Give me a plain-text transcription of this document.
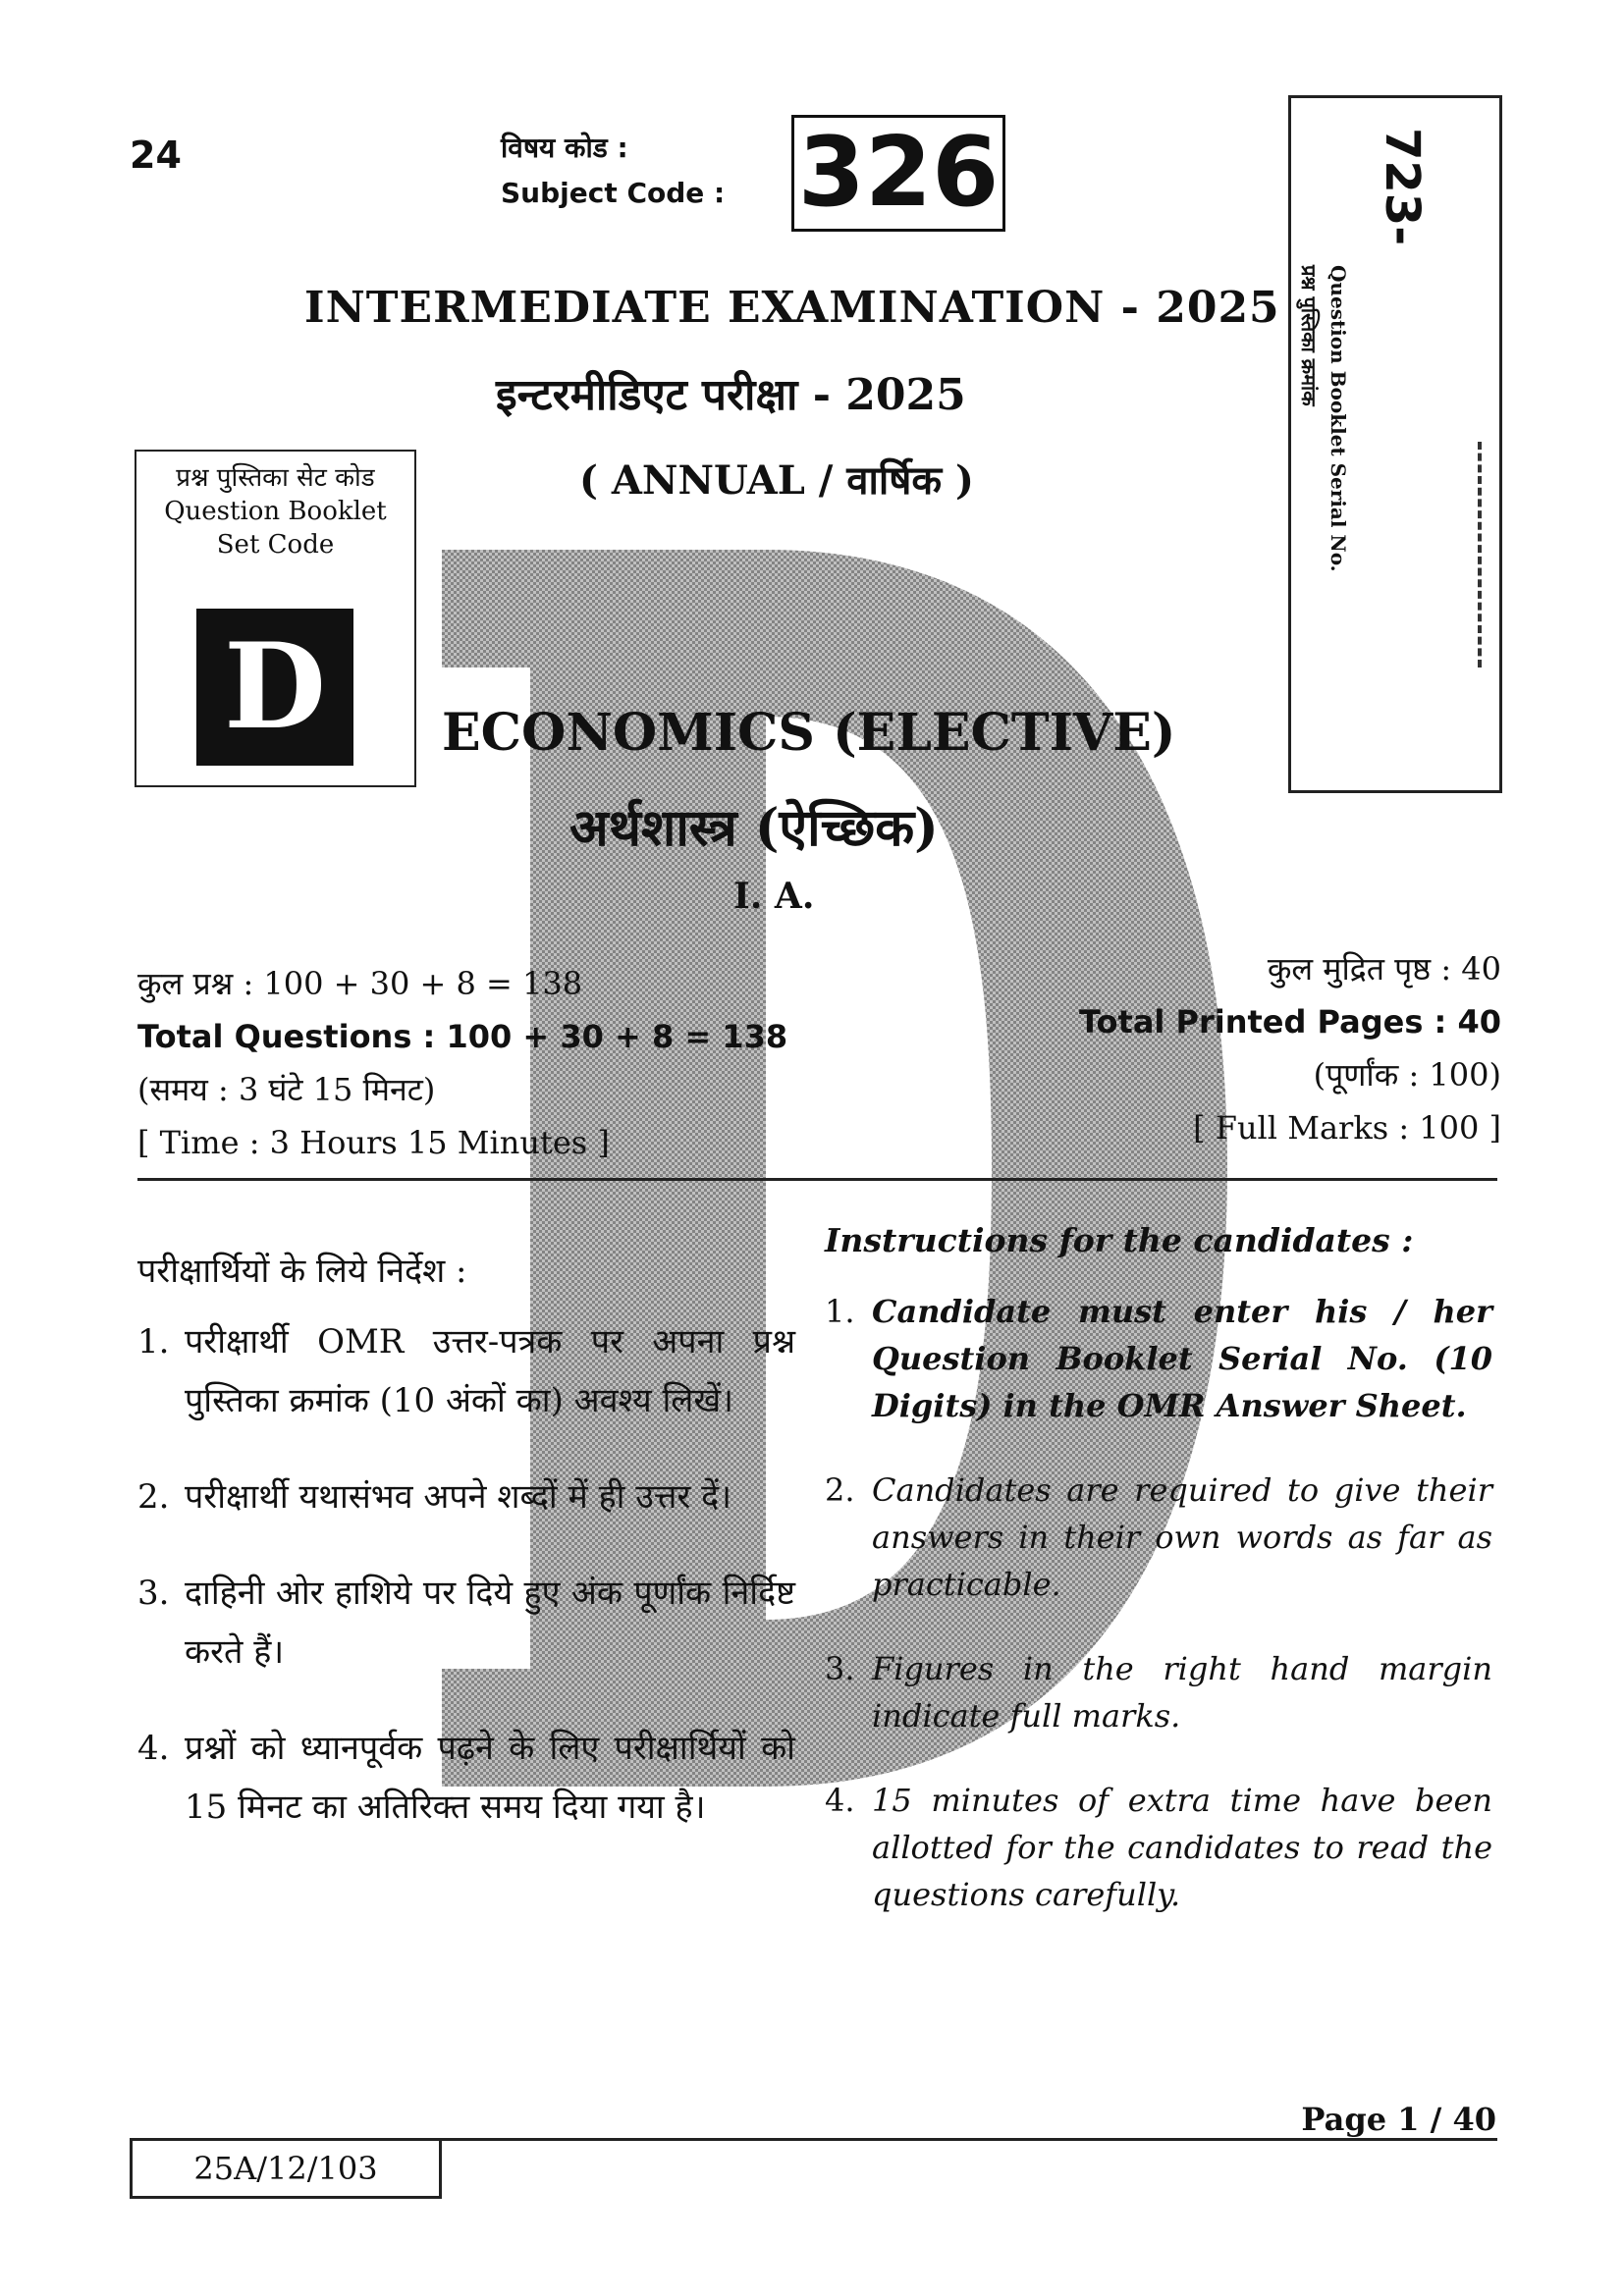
24	विषय कोड :
Subject Code : 326	723-
Question Booklet Serial No.
प्रश्न पुस्तिका क्रमांक
INTERMEDIATE EXAMINATION - 2025
इन्टरमीडिएट परीक्षा - 2025
( ANNUAL / वार्षिक )
प्रश्न पुस्तिका सेट कोड
Question Booklet
Set Code
D	ECONOMICS (ELECTIVE)
अर्थशास्त्र (ऐच्छिक)
I. A.
कुल प्रश्न : 100 + 30 + 8 = 138
Total Questions : 100 + 30 + 8 = 138
(समय : 3 घंटे 15 मिनट)
[ Time : 3 Hours 15 Minutes ]
कुल मुद्रित पृष्ठ : 40
Total Printed Pages : 40
(पूर्णांक : 100)
[ Full Marks : 100 ]
परीक्षार्थियों के लिये निर्देश :
1. परीक्षार्थी OMR उत्तर-पत्रक पर अपना प्रश्न पुस्तिका क्रमांक (10 अंकों का) अवश्य लिखें।
2. परीक्षार्थी यथासंभव अपने शब्दों में ही उत्तर दें।
3. दाहिनी ओर हाशिये पर दिये हुए अंक पूर्णांक निर्दिष्ट करते हैं।
4. प्रश्नों को ध्यानपूर्वक पढ़ने के लिए परीक्षार्थियों को 15 मिनट का अतिरिक्त समय दिया गया है।
Instructions for the candidates :
1. Candidate must enter his / her Question Booklet Serial No. (10 Digits) in the OMR Answer Sheet.
2. Candidates are required to give their answers in their own words as far as practicable.
3. Figures in the right hand margin indicate full marks.
4. 15 minutes of extra time have been allotted for the candidates to read the questions carefully.
25A/12/103
Page 1 / 40
